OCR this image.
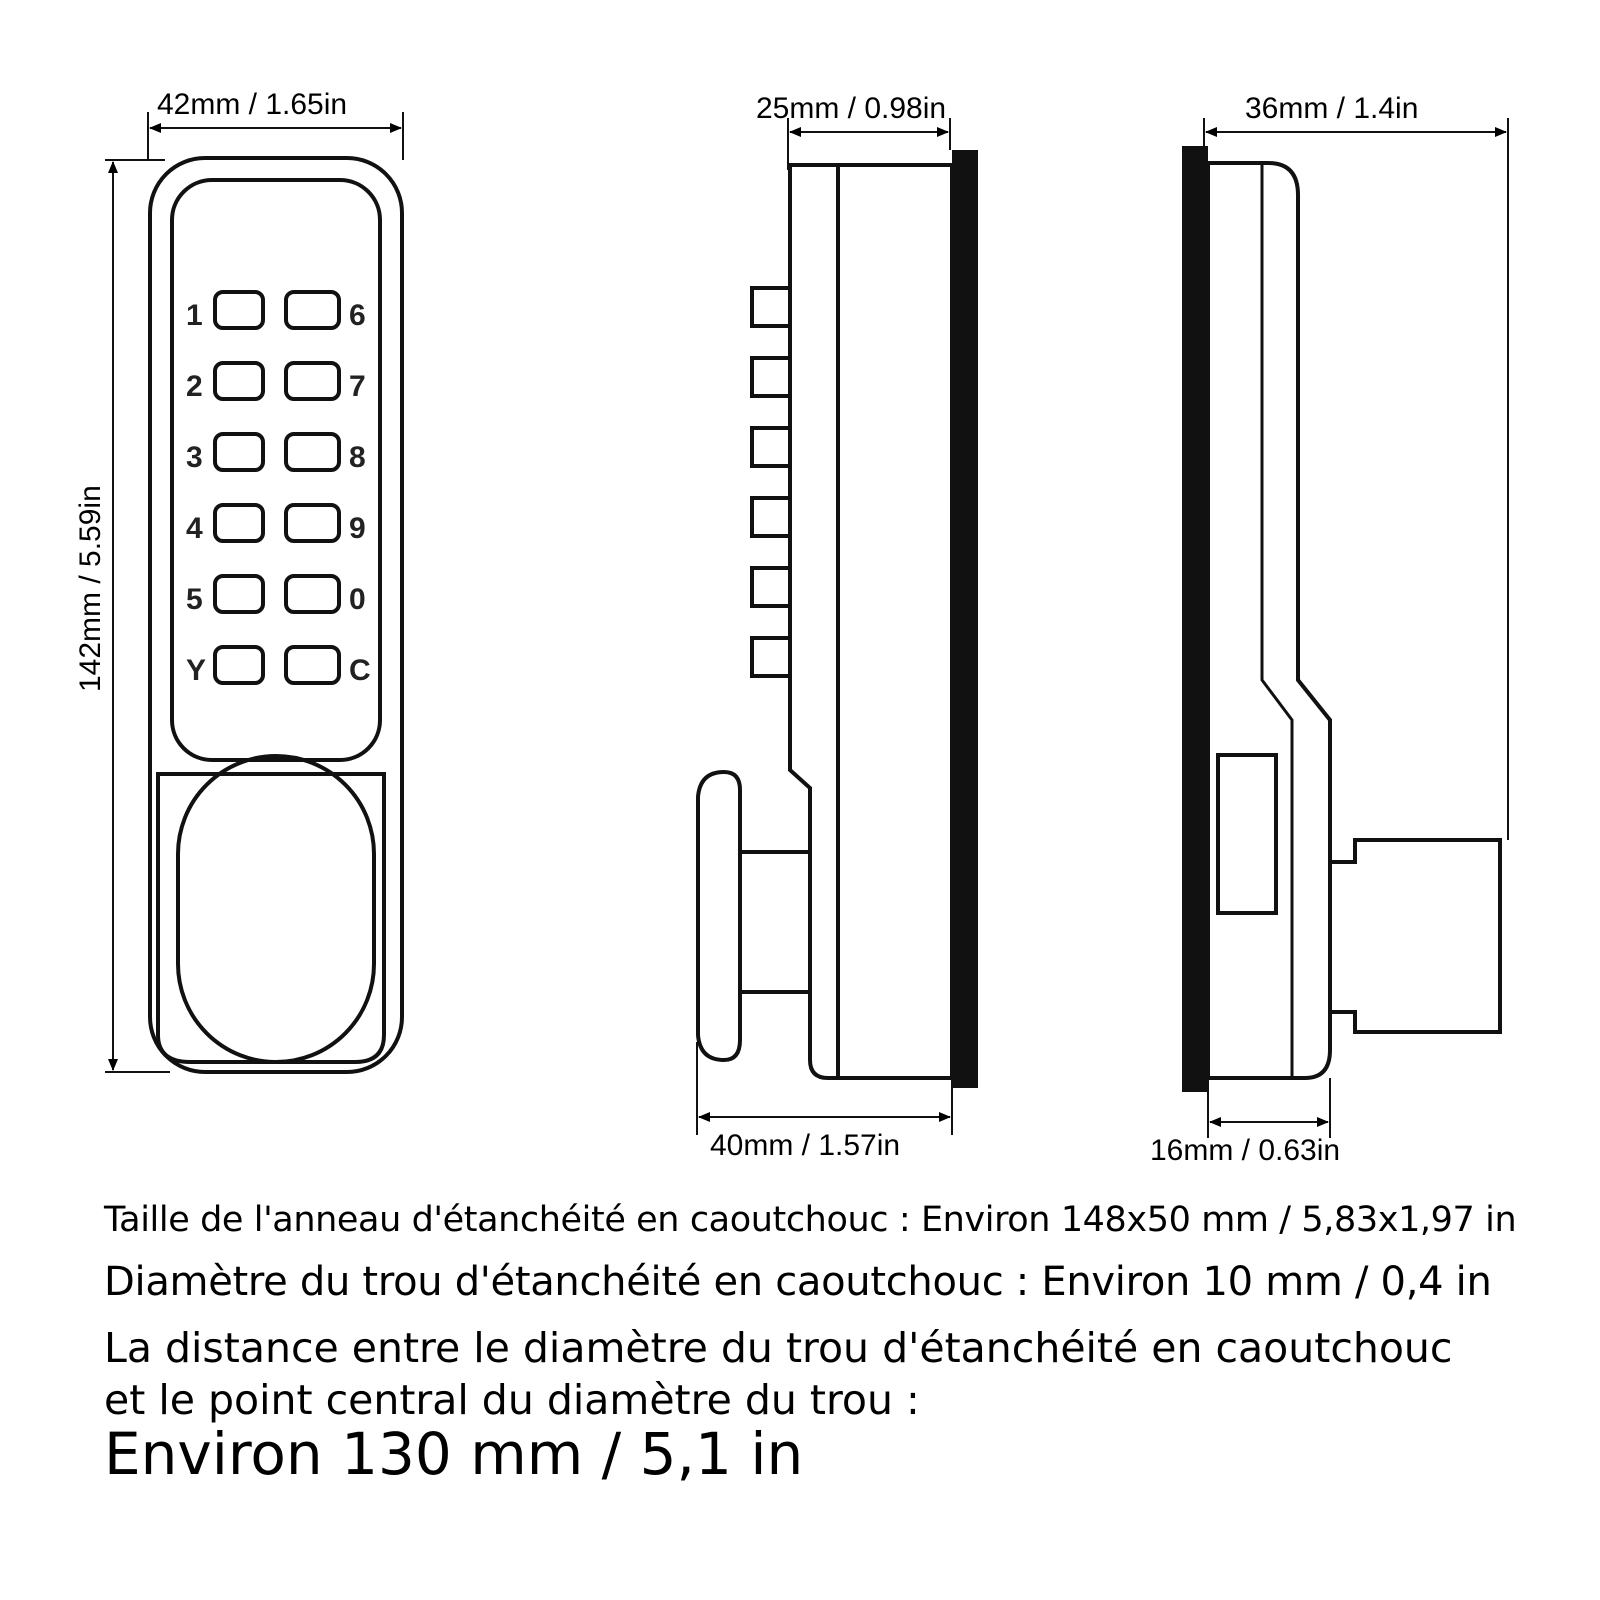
1
2
3
4
5
Y
6
7
8
9
0
C
42mm / 1.65in
142mm / 5.59in
25mm / 0.98in
40mm / 1.57in
36mm / 1.4in
16mm / 0.63in
Taille de l'anneau d'étanchéité en caoutchouc : Environ 148x50 mm / 5,83x1,97 in
Diamètre du trou d'étanchéité en caoutchouc : Environ 10 mm / 0,4 in
La distance entre le diamètre du trou d'étanchéité en caoutchouc et le point central du diamètre du trou :
Environ 130 mm / 5,1 in
